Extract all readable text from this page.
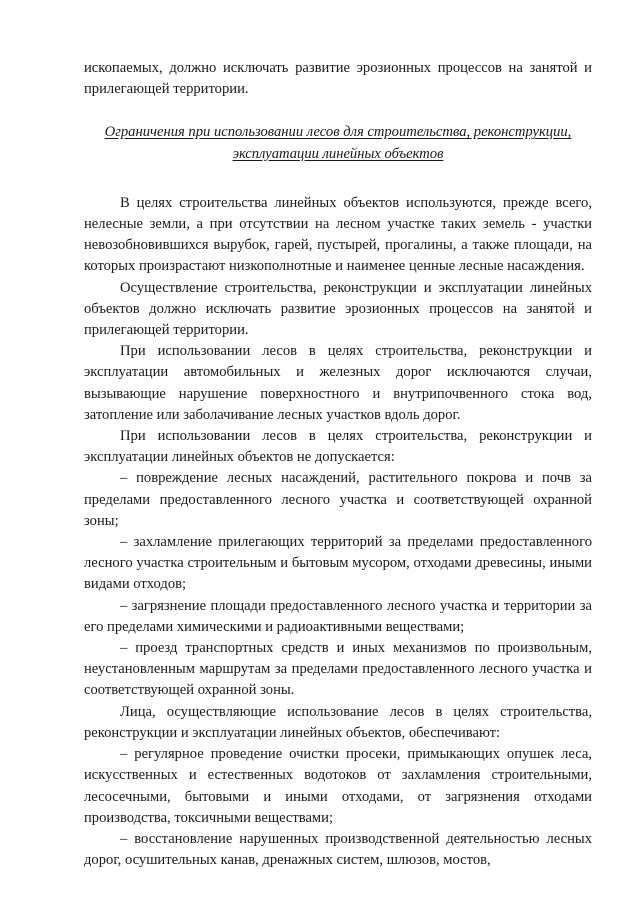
ископаемых, должно исключать развитие эрозионных процессов на занятой и прилегающей территории.

Ограничения при использовании лесов для строительства, реконструкции, эксплуатации линейных объектов

В целях строительства линейных объектов используются, прежде всего, нелесные земли, а при отсутствии на лесном участке таких земель - участки невозобновившихся вырубок, гарей, пустырей, прогалины, а также площади, на которых произрастают низкополнотные и наименее ценные лесные насаждения.

Осуществление строительства, реконструкции и эксплуатации линейных объектов должно исключать развитие эрозионных процессов на занятой и прилегающей территории.

При использовании лесов в целях строительства, реконструкции и эксплуатации автомобильных и железных дорог исключаются случаи, вызывающие нарушение поверхностного и внутрипочвенного стока вод, затопление или заболачивание лесных участков вдоль дорог.

При использовании лесов в целях строительства, реконструкции и эксплуатации линейных объектов не допускается:

– повреждение лесных насаждений, растительного покрова и почв за пределами предоставленного лесного участка и соответствующей охранной зоны;

– захламление прилегающих территорий за пределами предоставленного лесного участка строительным и бытовым мусором, отходами древесины, иными видами отходов;

– загрязнение площади предоставленного лесного участка и территории за его пределами химическими и радиоактивными веществами;

– проезд транспортных средств и иных механизмов по произвольным, неустановленным маршрутам за пределами предоставленного лесного участка и соответствующей охранной зоны.

Лица, осуществляющие использование лесов в целях строительства, реконструкции и эксплуатации линейных объектов, обеспечивают:

– регулярное проведение очистки просеки, примыкающих опушек леса, искусственных и естественных водотоков от захламления строительными, лесосечными, бытовыми и иными отходами, от загрязнения отходами производства, токсичными веществами;

– восстановление нарушенных производственной деятельностью лесных дорог, осушительных канав, дренажных систем, шлюзов, мостов,
